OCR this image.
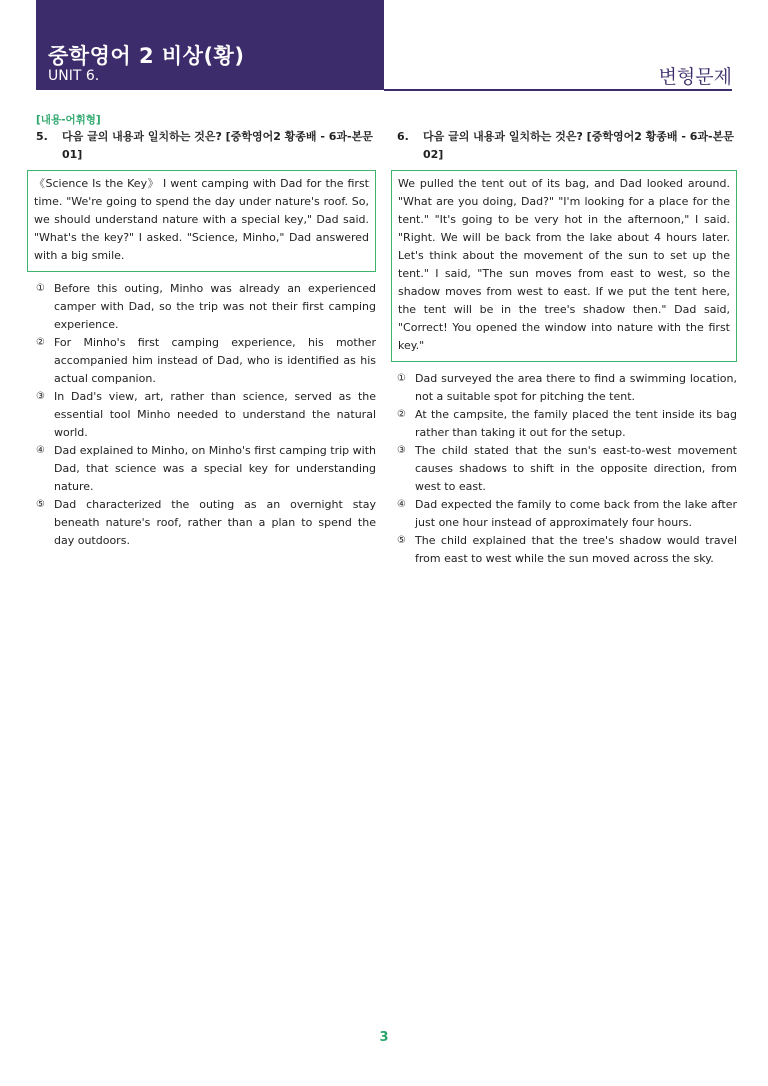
중학영어 2 비상(황)
UNIT 6.	변형문제
[내용-어휘형]
5.	다음 글의 내용과 일치하는 것은? [중학영어2 황종배 - 6과-본문 01]
《Science Is the Key》 I went camping with Dad for the first time. "We're going to spend the day under nature's roof. So, we should understand nature with a special key," Dad said. "What's the key?" I asked. "Science, Minho," Dad answered with a big smile.
① Before this outing, Minho was already an experienced camper with Dad, so the trip was not their first camping experience.
② For Minho's first camping experience, his mother accompanied him instead of Dad, who is identified as his actual companion.
③ In Dad's view, art, rather than science, served as the essential tool Minho needed to understand the natural world.
④ Dad explained to Minho, on Minho's first camping trip with Dad, that science was a special key for understanding nature.
⑤ Dad characterized the outing as an overnight stay beneath nature's roof, rather than a plan to spend the day outdoors.
6.	다음 글의 내용과 일치하는 것은? [중학영어2 황종배 - 6과-본문 02]
We pulled the tent out of its bag, and Dad looked around. "What are you doing, Dad?" "I'm looking for a place for the tent." "It's going to be very hot in the afternoon," I said. "Right. We will be back from the lake about 4 hours later. Let's think about the movement of the sun to set up the tent." I said, "The sun moves from east to west, so the shadow moves from west to east. If we put the tent here, the tent will be in the tree's shadow then." Dad said, "Correct! You opened the window into nature with the first key."
① Dad surveyed the area there to find a swimming location, not a suitable spot for pitching the tent.
② At the campsite, the family placed the tent inside its bag rather than taking it out for the setup.
③ The child stated that the sun's east-to-west movement causes shadows to shift in the opposite direction, from west to east.
④ Dad expected the family to come back from the lake after just one hour instead of approximately four hours.
⑤ The child explained that the tree's shadow would travel from east to west while the sun moved across the sky.
3
